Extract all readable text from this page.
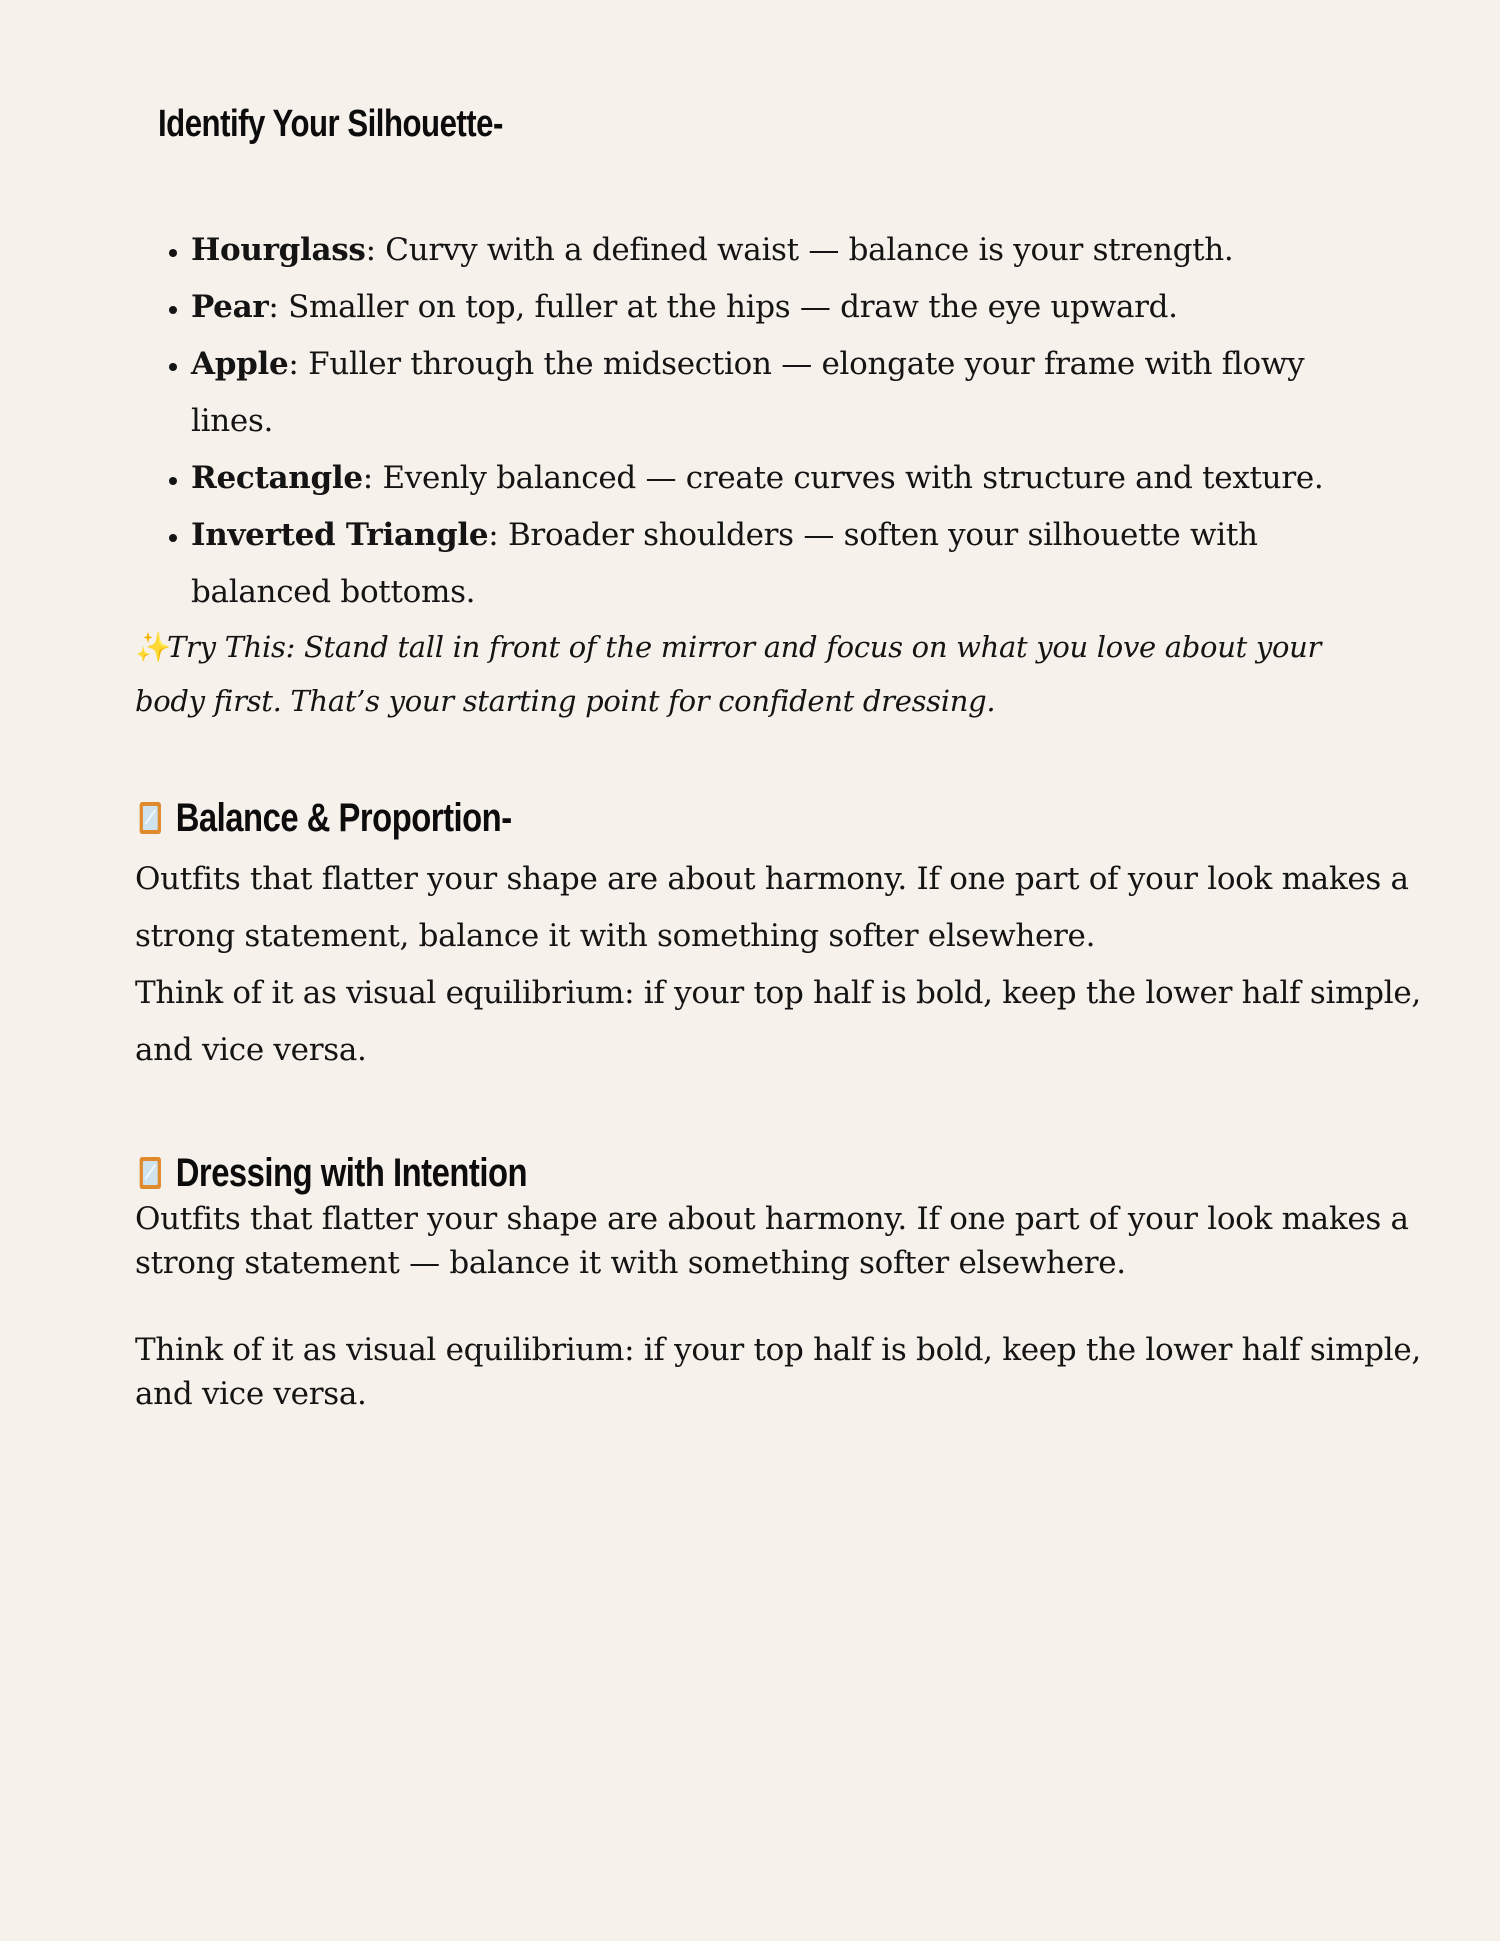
Identify Your Silhouette-
• Hourglass: Curvy with a defined waist — balance is your strength.
• Pear: Smaller on top, fuller at the hips — draw the eye upward.
• Apple: Fuller through the midsection — elongate your frame with flowy lines.
• Rectangle: Evenly balanced — create curves with structure and texture.
• Inverted Triangle: Broader shoulders — soften your silhouette with balanced bottoms.

✨Try This: Stand tall in front of the mirror and focus on what you love about your body first. That’s your starting point for confident dressing.

Balance & Proportion-

Outfits that flatter your shape are about harmony. If one part of your look makes a strong statement, balance it with something softer elsewhere.
Think of it as visual equilibrium: if your top half is bold, keep the lower half simple, and vice versa.

Dressing with Intention

Outfits that flatter your shape are about harmony. If one part of your look makes a strong statement — balance it with something softer elsewhere.

Think of it as visual equilibrium: if your top half is bold, keep the lower half simple, and vice versa.
